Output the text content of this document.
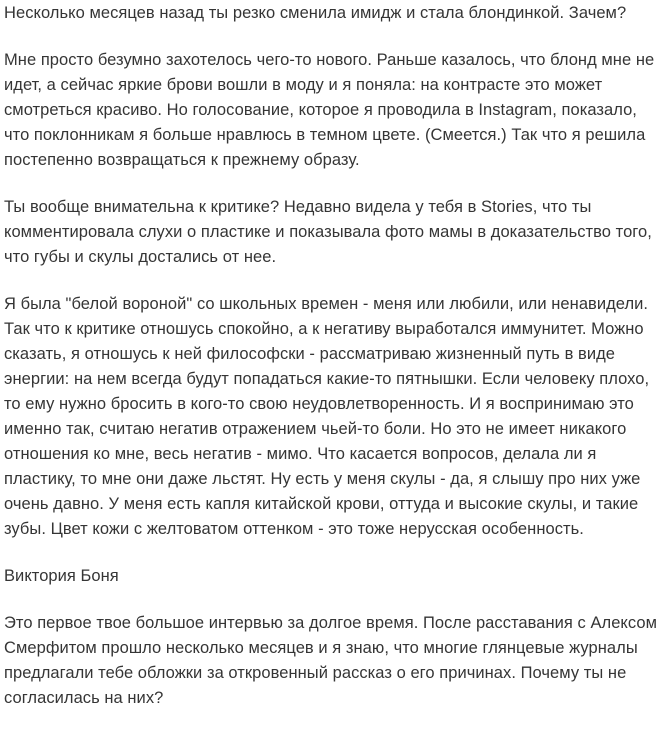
Несколько месяцев назад ты резко сменила имидж и стала блондинкой. Зачем?

Мне просто безумно захотелось чего-то нового. Раньше казалось, что блонд мне не идет, а сейчас яркие брови вошли в моду и я поняла: на контрасте это может смотреться красиво. Но голосование, которое я проводила в Instagram, показало, что поклонникам я больше нравлюсь в темном цвете. (Смеется.) Так что я решила постепенно возвращаться к прежнему образу.

Ты вообще внимательна к критике? Недавно видела у тебя в Stories, что ты комментировала слухи о пластике и показывала фото мамы в доказательство того, что губы и скулы достались от нее.

Я была "белой вороной" со школьных времен - меня или любили, или ненавидели. Так что к критике отношусь спокойно, а к негативу выработался иммунитет. Можно сказать, я отношусь к ней философски - рассматриваю жизненный путь в виде энергии: на нем всегда будут попадаться какие-то пятнышки. Если человеку плохо, то ему нужно бросить в кого-то свою неудовлетворенность. И я воспринимаю это именно так, считаю негатив отражением чьей-то боли. Но это не имеет никакого отношения ко мне, весь негатив - мимо. Что касается вопросов, делала ли я пластику, то мне они даже льстят. Ну есть у меня скулы - да, я слышу про них уже очень давно. У меня есть капля китайской крови, оттуда и высокие скулы, и такие зубы. Цвет кожи с желтоватом оттенком - это тоже нерусская особенность.

Виктория Боня

Это первое твое большое интервью за долгое время. После расставания с Алексом Смерфитом прошло несколько месяцев и я знаю, что многие глянцевые журналы предлагали тебе обложки за откровенный рассказ о его причинах. Почему ты не согласилась на них?
